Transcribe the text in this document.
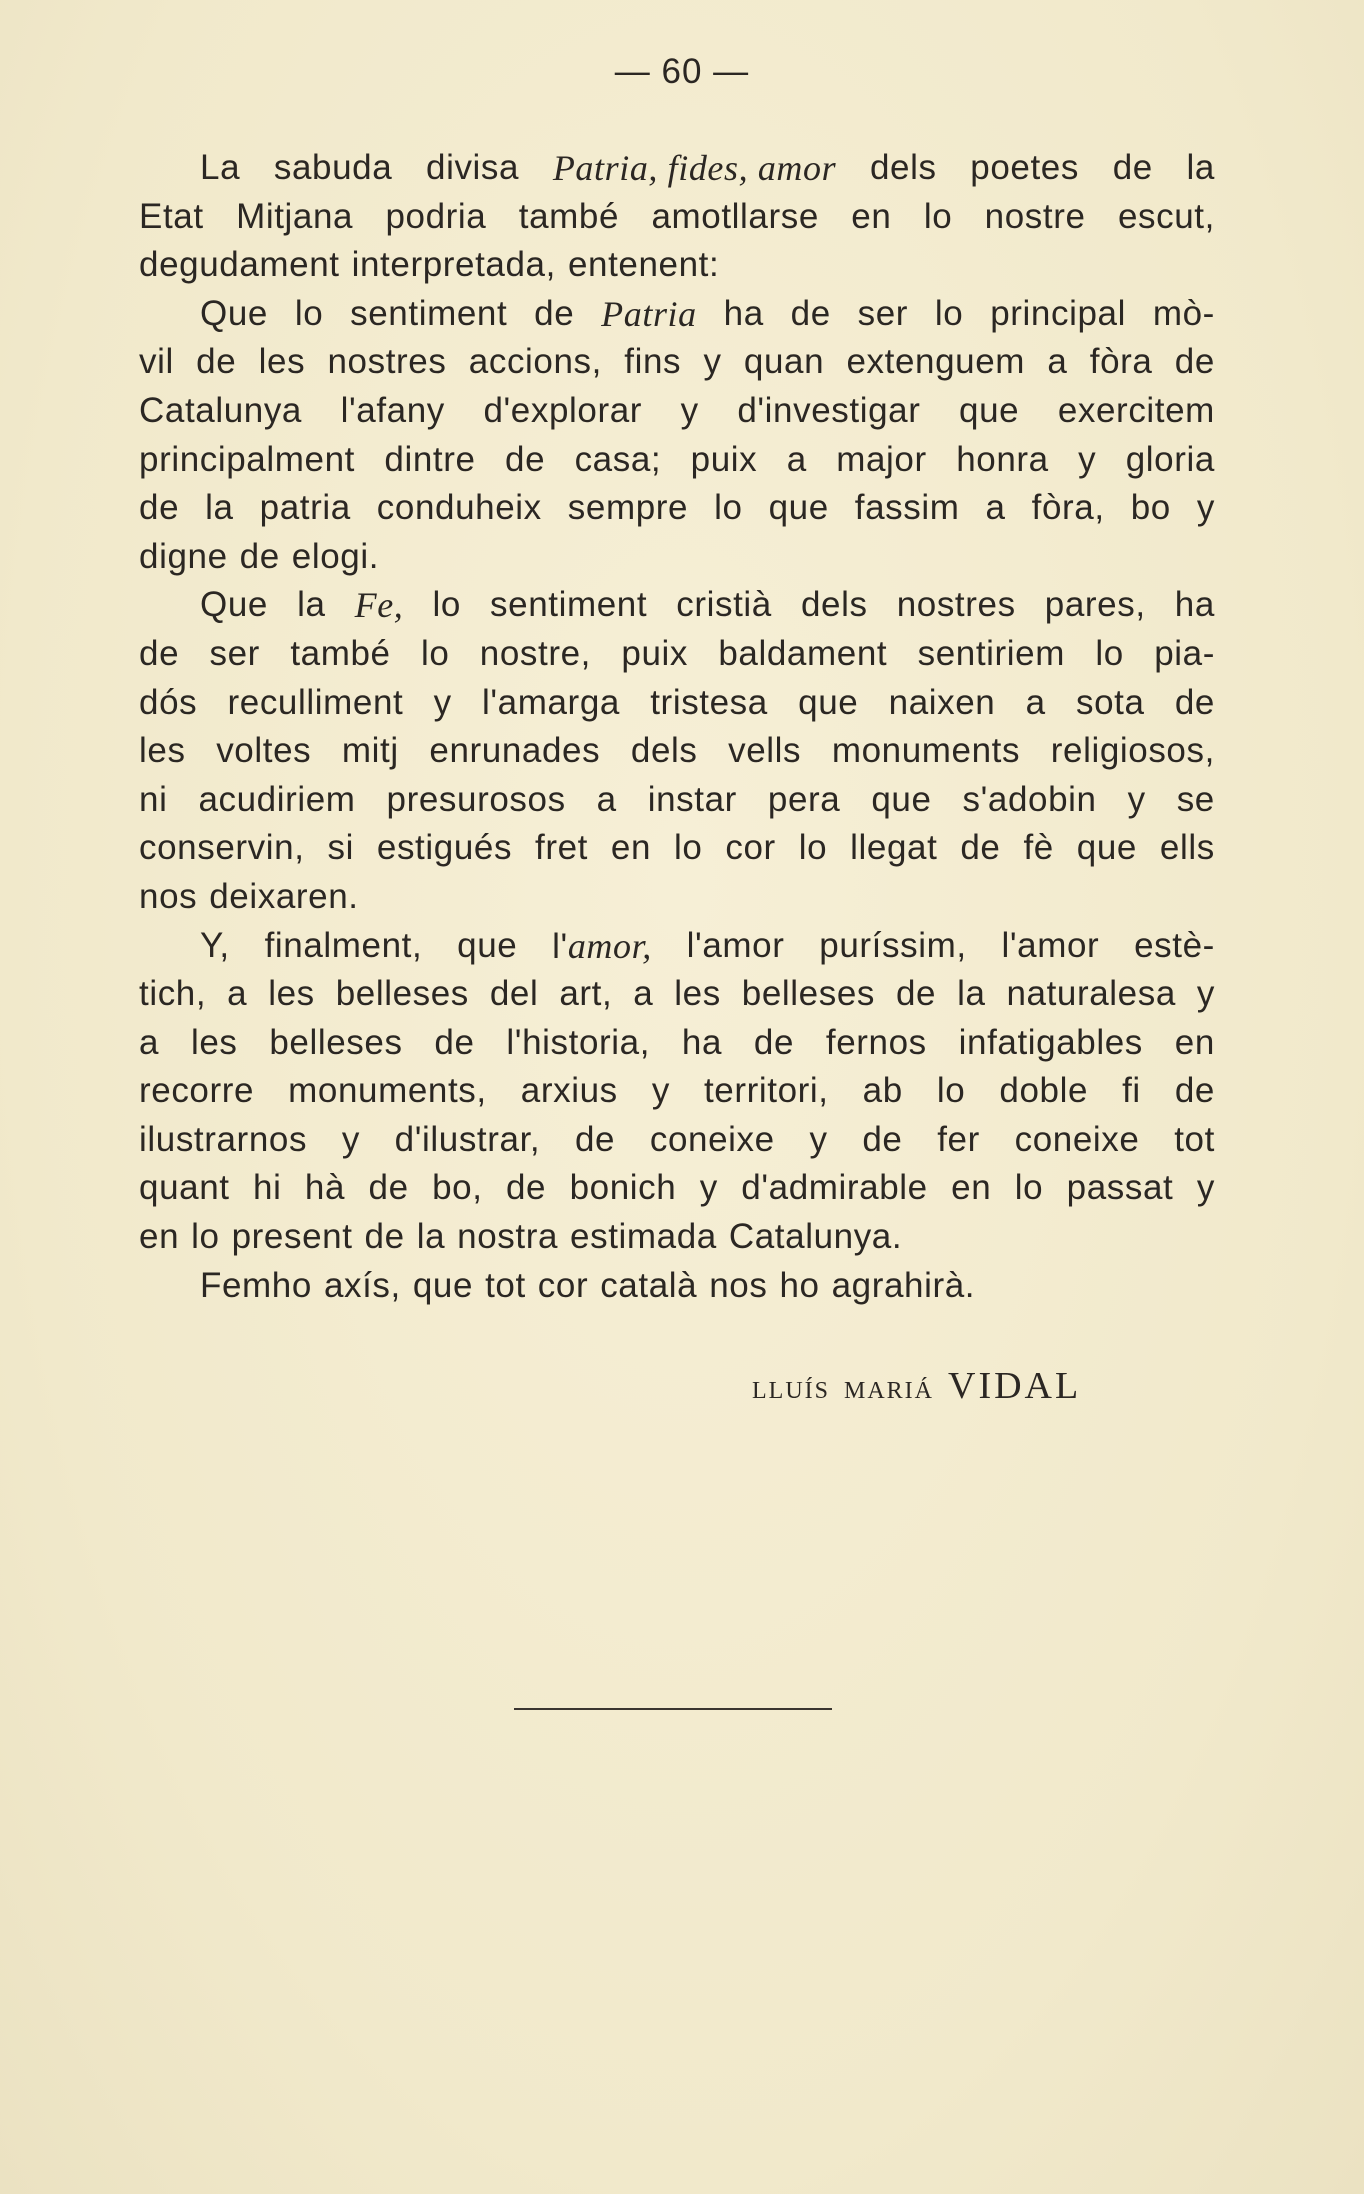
— 60 —
La sabuda divisa Patria, fides, amor dels poetes de la
Etat Mitjana podria també amotllarse en lo nostre escut,
degudament interpretada, entenent:
Que lo sentiment de Patria ha de ser lo principal mò-
vil de les nostres accions, fins y quan extenguem a fòra de
Catalunya l'afany d'explorar y d'investigar que exercitem
principalment dintre de casa; puix a major honra y gloria
de la patria conduheix sempre lo que fassim a fòra, bo y
digne de elogi.
Que la Fe, lo sentiment cristià dels nostres pares, ha
de ser també lo nostre, puix baldament sentiriem lo pia-
dós reculliment y l'amarga tristesa que naixen a sota de
les voltes mitj enrunades dels vells monuments religiosos,
ni acudiriem presurosos a instar pera que s'adobin y se
conservin, si estigués fret en lo cor lo llegat de fè que ells
nos deixaren.
Y, finalment, que l'amor, l'amor puríssim, l'amor estè-
tich, a les belleses del art, a les belleses de la naturalesa y
a les belleses de l'historia, ha de fernos infatigables en
recorre monuments, arxius y territori, ab lo doble fi de
ilustrarnos y d'ilustrar, de coneixe y de fer coneixe tot
quant hi hà de bo, de bonich y d'admirable en lo passat y
en lo present de la nostra estimada Catalunya.
Femho axís, que tot cor català nos ho agrahirà.
LLUÍS MARIÁ VIDAL
